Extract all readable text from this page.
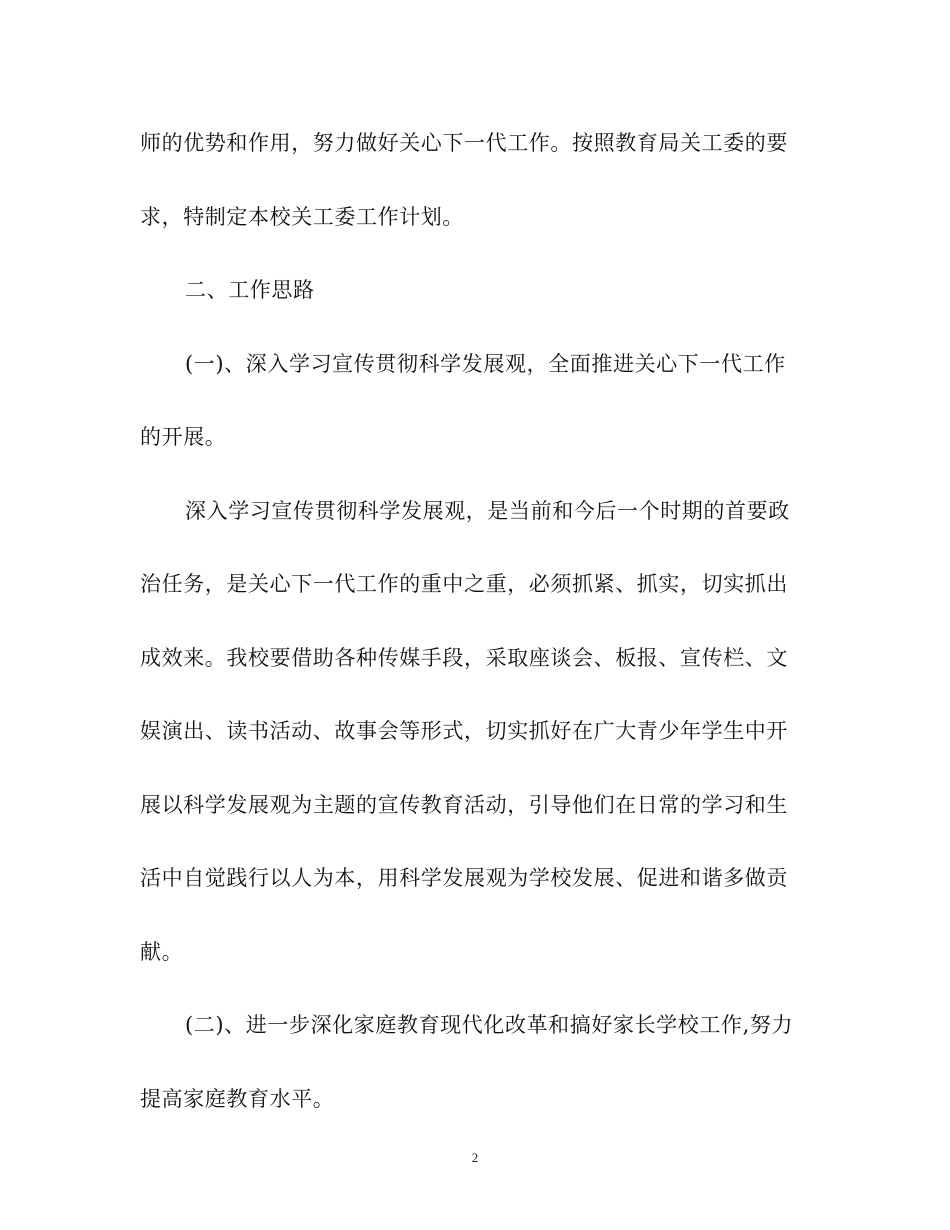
师的优势和作用，努力做好关心下一代工作。按照教育局关工委的要
求，特制定本校关工委工作计划。
二、工作思路
(一)、深入学习宣传贯彻科学发展观，全面推进关心下一代工作
的开展。
深入学习宣传贯彻科学发展观，是当前和今后一个时期的首要政
治任务，是关心下一代工作的重中之重，必须抓紧、抓实，切实抓出
成效来。我校要借助各种传媒手段，采取座谈会、板报、宣传栏、文
娱演出、读书活动、故事会等形式，切实抓好在广大青少年学生中开
展以科学发展观为主题的宣传教育活动，引导他们在日常的学习和生
活中自觉践行以人为本，用科学发展观为学校发展、促进和谐多做贡
献。
(二)、进一步深化家庭教育现代化改革和搞好家长学校工作,努力
提高家庭教育水平。
2
